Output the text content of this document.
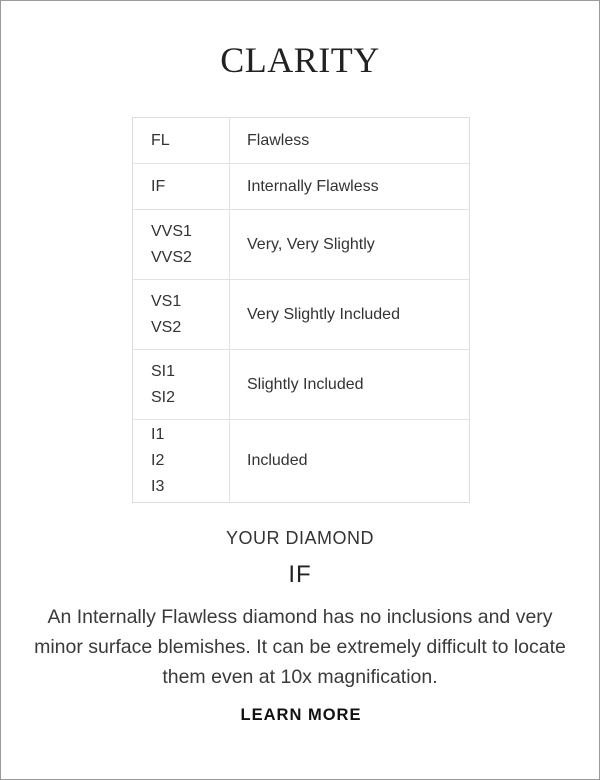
CLARITY
FL	Flawless

IF	Internally Flawless

VVS1
VVS2	Very, Very Slightly

VS1
VS2	Very Slightly Included

SI1
SI2	Slightly Included

I1
I2
I3	Included
YOUR DIAMOND
IF
An Internally Flawless diamond has no inclusions and very minor surface blemishes. It can be extremely difficult to locate them even at 10x magnification.
LEARN MORE
